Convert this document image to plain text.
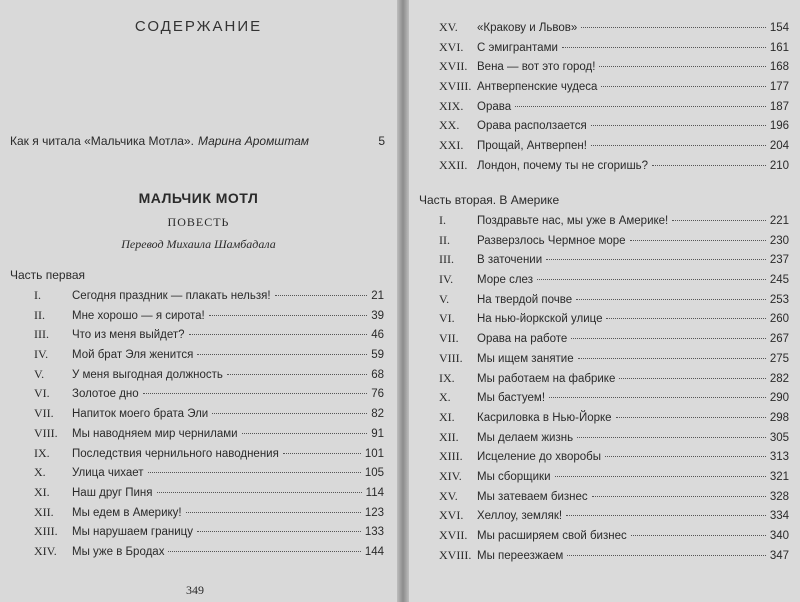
СОДЕРЖАНИЕ
Как я читала «Мальчика Мотла». Марина Аромштам	5
МАЛЬЧИК МОТЛ
ПОВЕСТЬ
Перевод Михаила Шамбадала
Часть первая
I.	Сегодня праздник — плакать нельзя!	21
II.	Мне хорошо — я сирота!	39
III.	Что из меня выйдет?	46
IV.	Мой брат Эля женится	59
V.	У меня выгодная должность	68
VI.	Золотое дно	76
VII.	Напиток моего брата Эли	82
VIII.	Мы наводняем мир чернилами	91
IX.	Последствия чернильного наводнения	101
X.	Улица чихает	105
XI.	Наш друг Пиня	114
XII.	Мы едем в Америку!	123
XIII.	Мы нарушаем границу	133
XIV.	Мы уже в Бродах	144
349
XV.	«Кракову и Львов»	154
XVI.	С эмигрантами	161
XVII. Вена — вот это город!	168
XVIII. Антверпенские чудеса	177
XIX.	Орава	187
XX.	Орава расползается	196
XXI.	Прощай, Антверпен!	204
XXII. Лондон, почему ты не сгоришь?	210
Часть вторая. В Америке
I.	Поздравьте нас, мы уже в Америке!	221
II.	Разверзлось Чермное море	230
III.	В заточении	237
IV.	Море слез	245
V.	На твердой почве	253
VI.	На нью-йоркской улице	260
VII.	Орава на работе	267
VIII.	Мы ищем занятие	275
IX.	Мы работаем на фабрике	282
X.	Мы бастуем!	290
XI.	Касриловка в Нью-Йорке	298
XII.	Мы делаем жизнь	305
XIII.	Исцеление до хворобы	313
XIV.	Мы сборщики	321
XV.	Мы затеваем бизнес	328
XVI.	Хеллоу, земляк!	334
XVII. Мы расширяем свой бизнес	340
XVIII. Мы переезжаем	347
